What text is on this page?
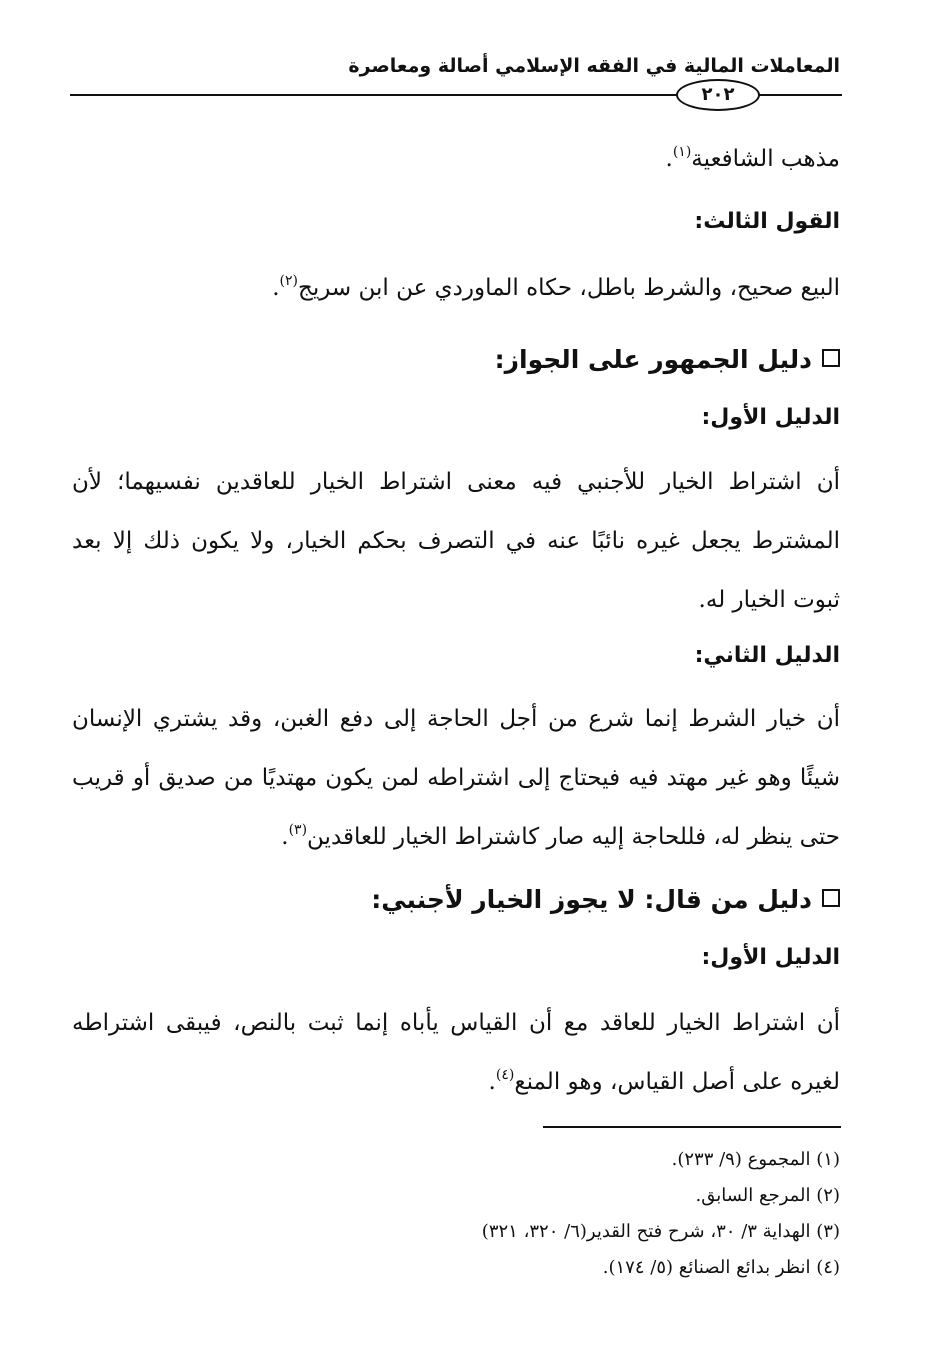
المعاملات المالية في الفقه الإسلامي أصالة ومعاصرة
٢٠٢
مذهب الشافعية$^{(١)}$.
القول الثالث:
البيع صحيح، والشرط باطل، حكاه الماوردي عن ابن سريج$^{(٢)}$.
دليل الجمهور على الجواز:
الدليل الأول:
أن اشتراط الخيار للأجنبي فيه معنى اشتراط الخيار للعاقدين نفسيهما؛ لأن المشترط يجعل غيره نائبًا عنه في التصرف بحكم الخيار، ولا يكون ذلك إلا بعد ثبوت الخيار له.
الدليل الثاني:
أن خيار الشرط إنما شرع من أجل الحاجة إلى دفع الغبن، وقد يشتري الإنسان شيئًا وهو غير مهتد فيه فيحتاج إلى اشتراطه لمن يكون مهتديًا من صديق أو قريب حتى ينظر له، فللحاجة إليه صار كاشتراط الخيار للعاقدين$^{(٣)}$.
دليل من قال: لا يجوز الخيار لأجنبي:
الدليل الأول:
أن اشتراط الخيار للعاقد مع أن القياس يأباه إنما ثبت بالنص، فيبقى اشتراطه لغيره على أصل القياس، وهو المنع$^{(٤)}$.
(١) المجموع (٩/ ٢٣٣).
(٢) المرجع السابق.
(٣) الهداية ٣/ ٣٠، شرح فتح القدير(٦/ ٣٢٠، ٣٢١)
(٤) انظر بدائع الصنائع (٥/ ١٧٤).
